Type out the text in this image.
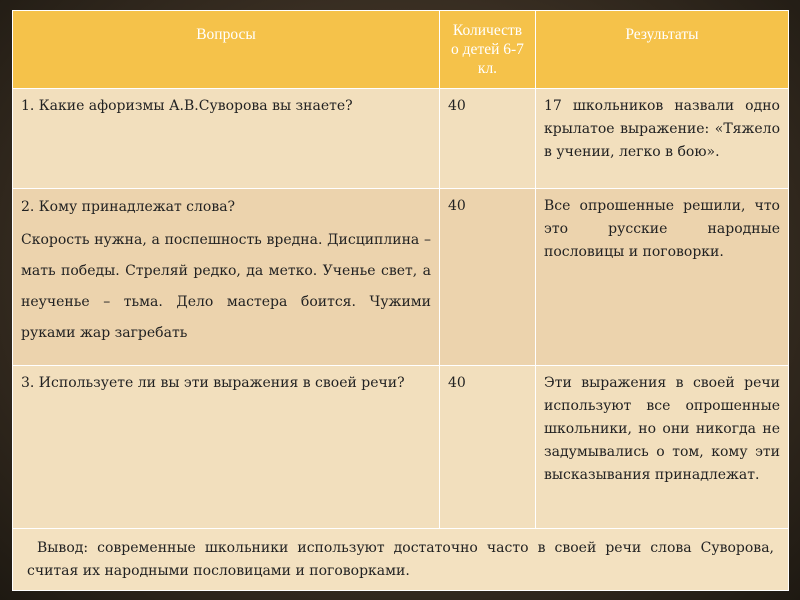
Вопросы	Количество детей 6-7 кл.	Результаты

1. Какие афоризмы А.В.Суворова вы знаете?	40	17 школьников назвали одно крылатое выражение: «Тяжело в учении, легко в бою».

2. Кому принадлежат слова?
Скорость нужна, а поспешность вредна. Дисциплина – мать победы. Стреляй редко, да метко. Ученье свет, а неученье – тьма. Дело мастера боится. Чужими руками жар загребать	40	Все опрошенные решили, что это русские народные пословицы и поговорки.

3. Используете ли вы эти выражения в своей речи?	40	Эти выражения в своей речи используют все опрошенные школьники, но они никогда не задумывались о том, кому эти высказывания принадлежат.

Вывод: современные школьники используют достаточно часто в своей речи слова Суворова, считая их народными пословицами и поговорками.		
